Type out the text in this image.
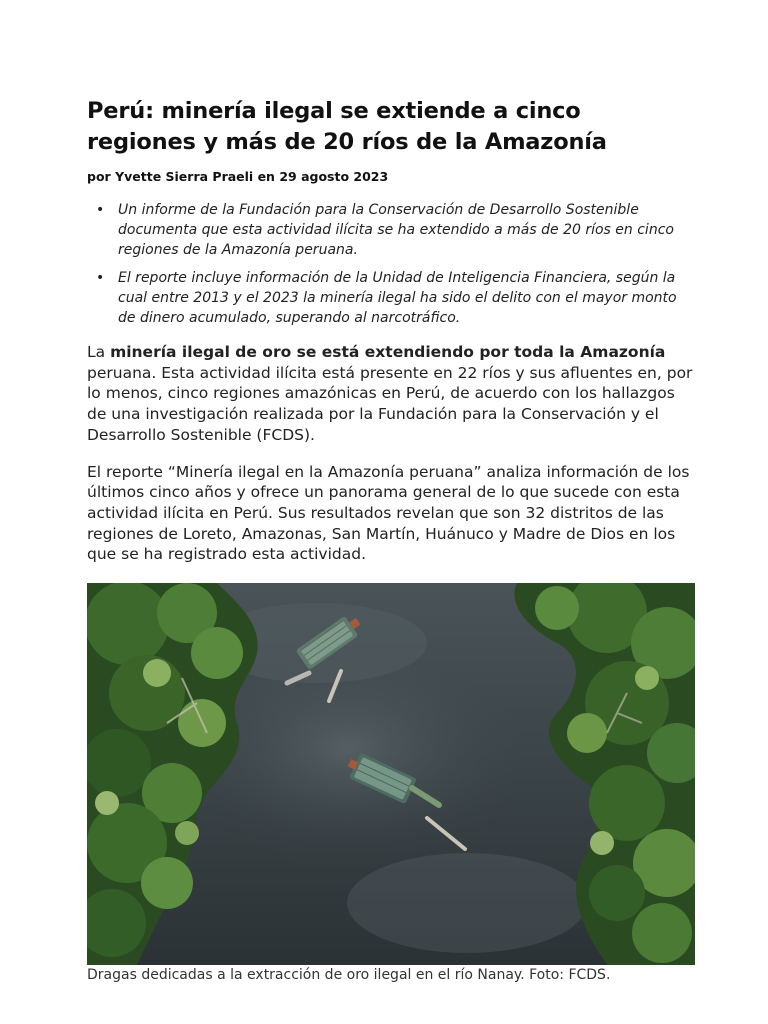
Perú: minería ilegal se extiende a cinco regiones y más de 20 ríos de la Amazonía
por Yvette Sierra Praeli en 29 agosto 2023
• Un informe de la Fundación para la Conservación de Desarrollo Sostenible documenta que esta actividad ilícita se ha extendido a más de 20 ríos en cinco regiones de la Amazonía peruana.
• El reporte incluye información de la Unidad de Inteligencia Financiera, según la cual entre 2013 y el 2023 la minería ilegal ha sido el delito con el mayor monto de dinero acumulado, superando al narcotráfico.

La minería ilegal de oro se está extendiendo por toda la Amazonía peruana. Esta actividad ilícita está presente en 22 ríos y sus afluentes en, por lo menos, cinco regiones amazónicas en Perú, de acuerdo con los hallazgos de una investigación realizada por la Fundación para la Conservación y el Desarrollo Sostenible (FCDS).

El reporte “Minería ilegal en la Amazonía peruana” analiza información de los últimos cinco años y ofrece un panorama general de lo que sucede con esta actividad ilícita en Perú. Sus resultados revelan que son 32 distritos de las regiones de Loreto, Amazonas, San Martín, Huánuco y Madre de Dios en los que se ha registrado esta actividad.

Dragas dedicadas a la extracción de oro ilegal en el río Nanay. Foto: FCDS.
